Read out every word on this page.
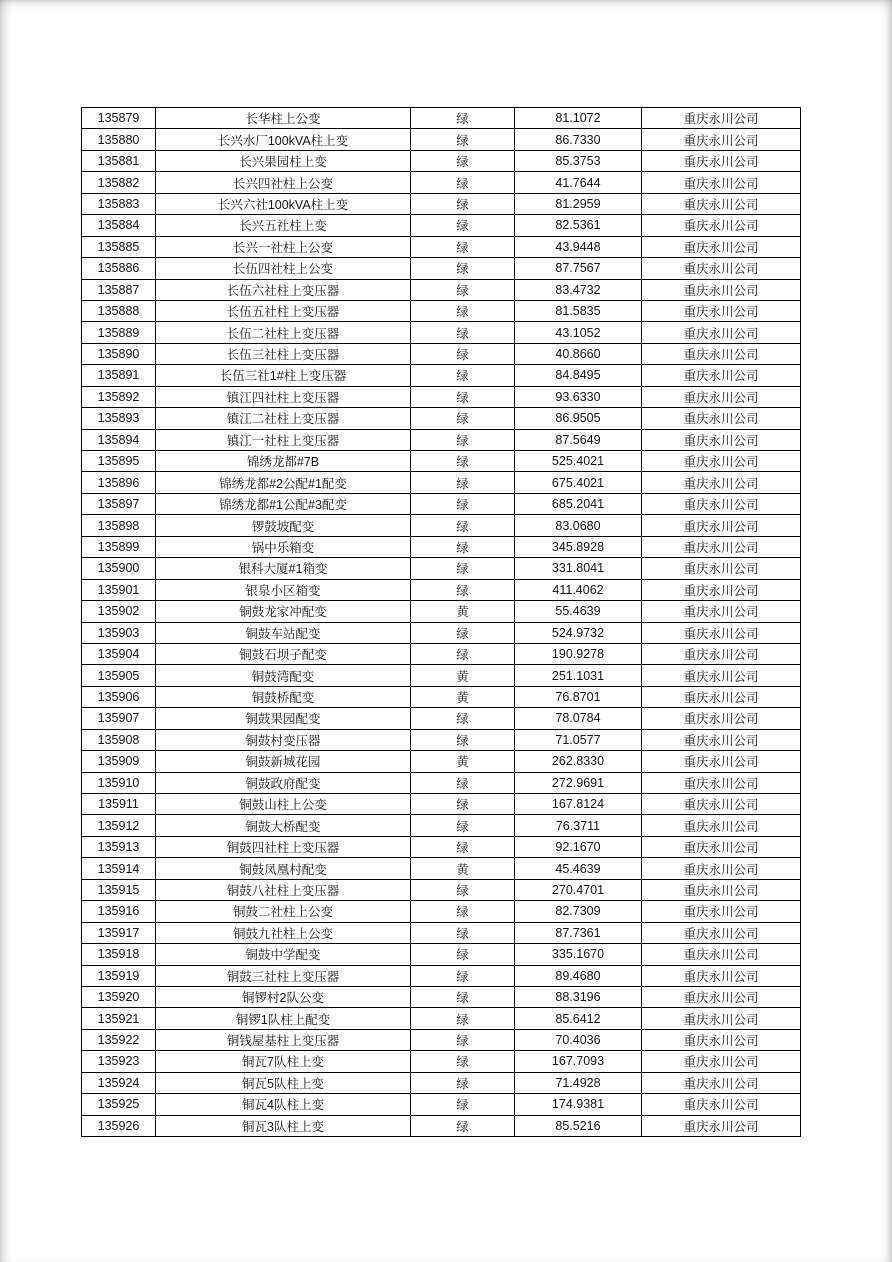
135879	长华柱上公变	绿	81.1072	重庆永川公司
135880	长兴水厂100kVA柱上变	绿	86.7330	重庆永川公司
135881	长兴果园柱上变	绿	85.3753	重庆永川公司
135882	长兴四社柱上公变	绿	41.7644	重庆永川公司
135883	长兴六社100kVA柱上变	绿	81.2959	重庆永川公司
135884	长兴五社柱上变	绿	82.5361	重庆永川公司
135885	长兴一社柱上公变	绿	43.9448	重庆永川公司
135886	长伍四社柱上公变	绿	87.7567	重庆永川公司
135887	长伍六社柱上变压器	绿	83.4732	重庆永川公司
135888	长伍五社柱上变压器	绿	81.5835	重庆永川公司
135889	长伍二社柱上变压器	绿	43.1052	重庆永川公司
135890	长伍三社柱上变压器	绿	40.8660	重庆永川公司
135891	长伍三社1#柱上变压器	绿	84.8495	重庆永川公司
135892	镇江四社柱上变压器	绿	93.6330	重庆永川公司
135893	镇江二社柱上变压器	绿	86.9505	重庆永川公司
135894	镇江一社柱上变压器	绿	87.5649	重庆永川公司
135895	锦绣龙都#7B	绿	525.4021	重庆永川公司
135896	锦绣龙都#2公配#1配变	绿	675.4021	重庆永川公司
135897	锦绣龙都#1公配#3配变	绿	685.2041	重庆永川公司
135898	锣鼓坡配变	绿	83.0680	重庆永川公司
135899	锅中乐箱变	绿	345.8928	重庆永川公司
135900	银科大厦#1箱变	绿	331.8041	重庆永川公司
135901	银泉小区箱变	绿	411.4062	重庆永川公司
135902	铜鼓龙家冲配变	黄	55.4639	重庆永川公司
135903	铜鼓车站配变	绿	524.9732	重庆永川公司
135904	铜鼓石坝子配变	绿	190.9278	重庆永川公司
135905	铜鼓湾配变	黄	251.1031	重庆永川公司
135906	铜鼓桥配变	黄	76.8701	重庆永川公司
135907	铜鼓果园配变	绿	78.0784	重庆永川公司
135908	铜鼓村变压器	绿	71.0577	重庆永川公司
135909	铜鼓新城花园	黄	262.8330	重庆永川公司
135910	铜鼓政府配变	绿	272.9691	重庆永川公司
135911	铜鼓山柱上公变	绿	167.8124	重庆永川公司
135912	铜鼓大桥配变	绿	76.3711	重庆永川公司
135913	铜鼓四社柱上变压器	绿	92.1670	重庆永川公司
135914	铜鼓凤凰村配变	黄	45.4639	重庆永川公司
135915	铜鼓八社柱上变压器	绿	270.4701	重庆永川公司
135916	铜鼓二社柱上公变	绿	82.7309	重庆永川公司
135917	铜鼓九社柱上公变	绿	87.7361	重庆永川公司
135918	铜鼓中学配变	绿	335.1670	重庆永川公司
135919	铜鼓三社柱上变压器	绿	89.4680	重庆永川公司
135920	铜锣村2队公变	绿	88.3196	重庆永川公司
135921	铜锣1队柱上配变	绿	85.6412	重庆永川公司
135922	铜钱屋基柱上变压器	绿	70.4036	重庆永川公司
135923	铜瓦7队柱上变	绿	167.7093	重庆永川公司
135924	铜瓦5队柱上变	绿	71.4928	重庆永川公司
135925	铜瓦4队柱上变	绿	174.9381	重庆永川公司
135926	铜瓦3队柱上变	绿	85.5216	重庆永川公司
